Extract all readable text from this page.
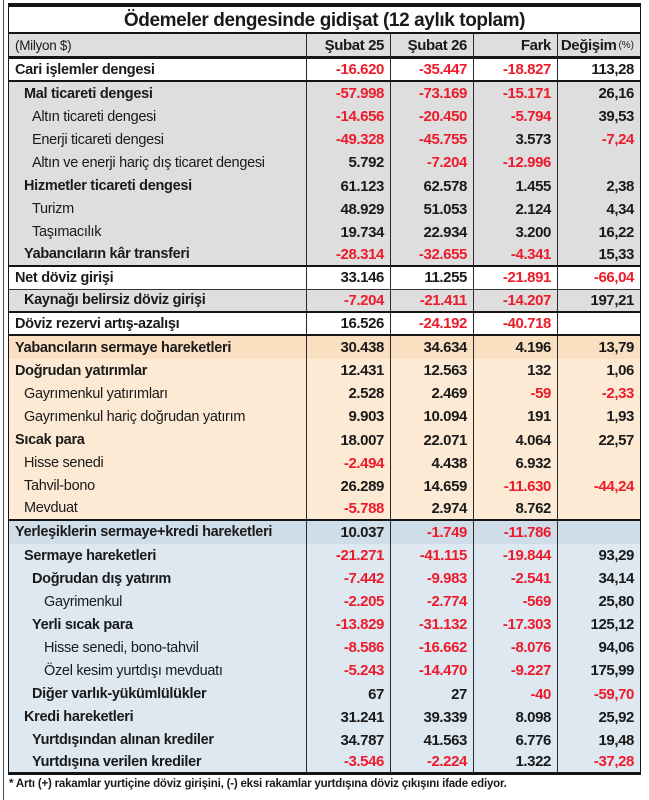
Ödemeler dengesinde gidişat (12 aylık toplam)
(Milyon $)	Şubat 25	Şubat 26	Fark Değişim (%)
Cari işlemler dengesi	-16.620	-35.447	-18.827	113,28
Mal ticareti dengesi	-57.998	-73.169	-15.171	26,16
Altın ticareti dengesi	-14.656	-20.450	-5.794	39,53
Enerji ticareti dengesi	-49.328	-45.755	3.573	-7,24
Altın ve enerji hariç dış ticaret dengesi	5.792	-7.204	-12.996
Hizmetler ticareti dengesi	61.123	62.578	1.455	2,38
Turizm	48.929	51.053	2.124	4,34
Taşımacılık	19.734	22.934	3.200	16,22
Yabancıların kâr transferi	-28.314	-32.655	-4.341	15,33
Net döviz girişi	33.146	11.255	-21.891	-66,04
Kaynağı belirsiz döviz girişi	-7.204	-21.411	-14.207	197,21
Döviz rezervi artış-azalışı	16.526	-24.192	-40.718
Yabancıların sermaye hareketleri	30.438	34.634	4.196	13,79
Doğrudan yatırımlar	12.431	12.563	132	1,06
Gayrımenkul yatırımları	2.528	2.469	-59	-2,33
Gayrımenkul hariç doğrudan yatırım	9.903	10.094	191	1,93
Sıcak para	18.007	22.071	4.064	22,57
Hisse senedi	-2.494	4.438	6.932
Tahvil-bono	26.289	14.659	-11.630	-44,24
Mevduat	-5.788	2.974	8.762
Yerleşiklerin sermaye+kredi hareketleri	10.037	-1.749	-11.786
Sermaye hareketleri	-21.271	-41.115	-19.844	93,29
Doğrudan dış yatırım	-7.442	-9.983	-2.541	34,14
Gayrimenkul	-2.205	-2.774	-569	25,80
Yerli sıcak para	-13.829	-31.132	-17.303	125,12
Hisse senedi, bono-tahvil	-8.586	-16.662	-8.076	94,06
Özel kesim yurtdışı mevduatı	-5.243	-14.470	-9.227	175,99
Diğer varlık-yükümlülükler	67	27	-40	-59,70
Kredi hareketleri	31.241	39.339	8.098	25,92
Yurtdışından alınan krediler	34.787	41.563	6.776	19,48
Yurtdışına verilen krediler	-3.546	-2.224	1.322	-37,28
* Artı (+) rakamlar yurtiçine döviz girişini, (-) eksi rakamlar yurtdışına döviz çıkışını ifade ediyor.
